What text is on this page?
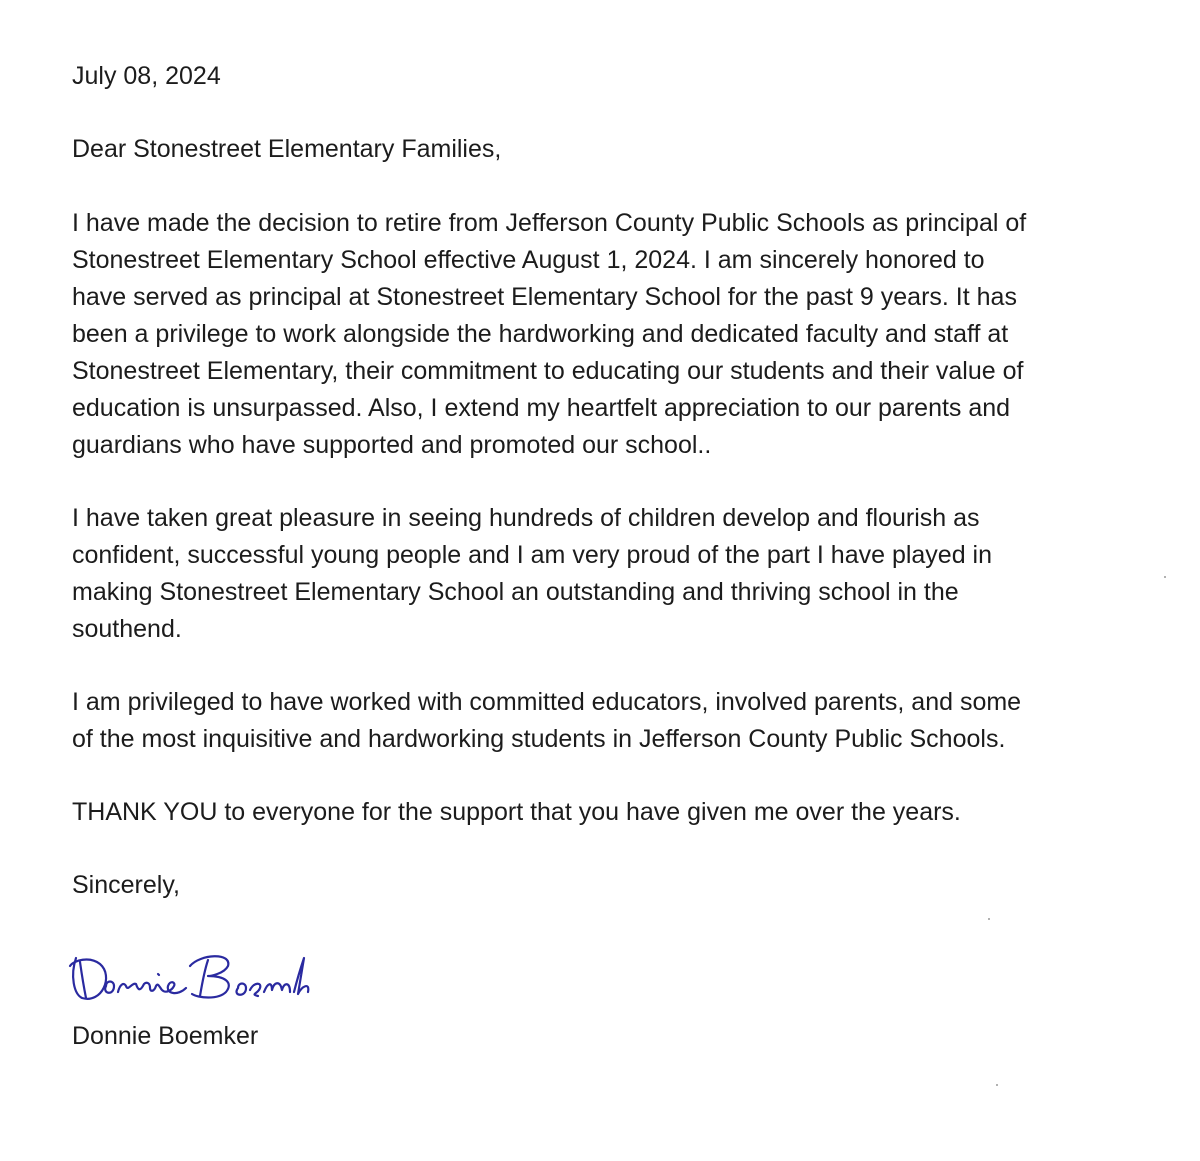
July 08, 2024

Dear Stonestreet Elementary Families,

I have made the decision to retire from Jefferson County Public Schools as principal of
Stonestreet Elementary School effective August 1, 2024. I am sincerely honored to
have served as principal at Stonestreet Elementary School for the past 9 years. It has
been a privilege to work alongside the hardworking and dedicated faculty and staff at
Stonestreet Elementary, their commitment to educating our students and their value of
education is unsurpassed. Also, I extend my heartfelt appreciation to our parents and
guardians who have supported and promoted our school..

I have taken great pleasure in seeing hundreds of children develop and flourish as
confident, successful young people and I am very proud of the part I have played in
making Stonestreet Elementary School an outstanding and thriving school in the
southend.

I am privileged to have worked with committed educators, involved parents, and some
of the most inquisitive and hardworking students in Jefferson County Public Schools.

THANK YOU to everyone for the support that you have given me over the years.

Sincerely,

Donnie Boemker
